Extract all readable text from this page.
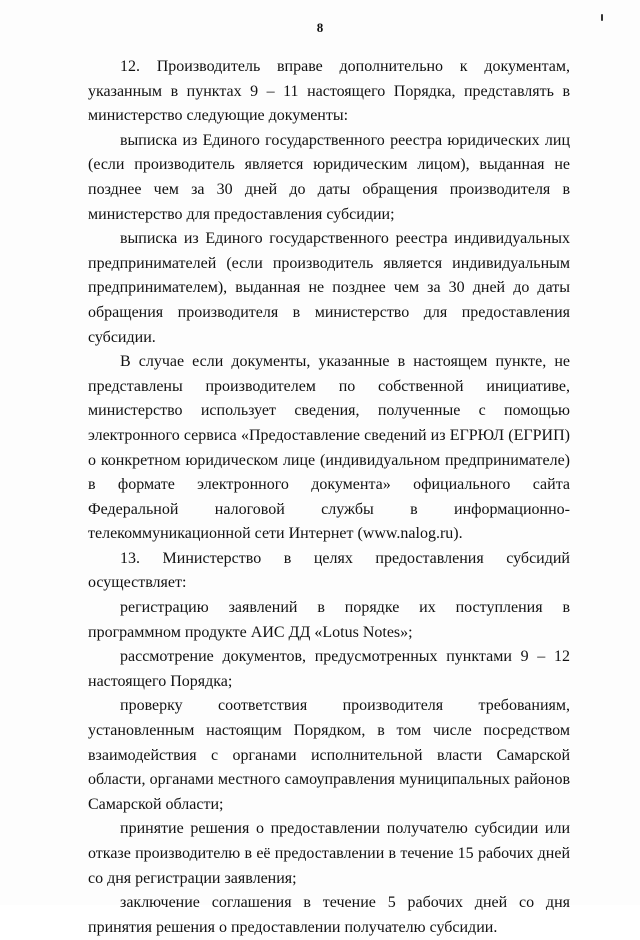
8

12. Производитель вправе дополнительно к документам, указанным в пунктах 9 – 11 настоящего Порядка, представлять в министерство следующие документы:

выписка из Единого государственного реестра юридических лиц (если производитель является юридическим лицом), выданная не позднее чем за 30 дней до даты обращения производителя в министерство для предоставления субсидии;

выписка из Единого государственного реестра индивидуальных предпринимателей (если производитель является индивидуальным предпринимателем), выданная не позднее чем за 30 дней до даты обращения производителя в министерство для предоставления субсидии.

В случае если документы, указанные в настоящем пункте, не представлены производителем по собственной инициативе, министерство использует сведения, полученные с помощью электронного сервиса «Предоставление сведений из ЕГРЮЛ (ЕГРИП) о конкретном юридическом лице (индивидуальном предпринимателе) в формате электронного документа» официального сайта Федеральной налоговой службы в информационно-телекоммуникационной сети Интернет (www.nalog.ru).

13. Министерство в целях предоставления субсидий осуществляет:

регистрацию заявлений в порядке их поступления в программном продукте АИС ДД «Lotus Notes»;

рассмотрение документов, предусмотренных пунктами 9 – 12 настоящего Порядка;

проверку соответствия производителя требованиям, установленным настоящим Порядком, в том числе посредством взаимодействия с органами исполнительной власти Самарской области, органами местного самоуправления муниципальных районов Самарской области;

принятие решения о предоставлении получателю субсидии или отказе производителю в её предоставлении в течение 15 рабочих дней со дня регистрации заявления;

заключение соглашения в течение 5 рабочих дней со дня принятия решения о предоставлении получателю субсидии.
